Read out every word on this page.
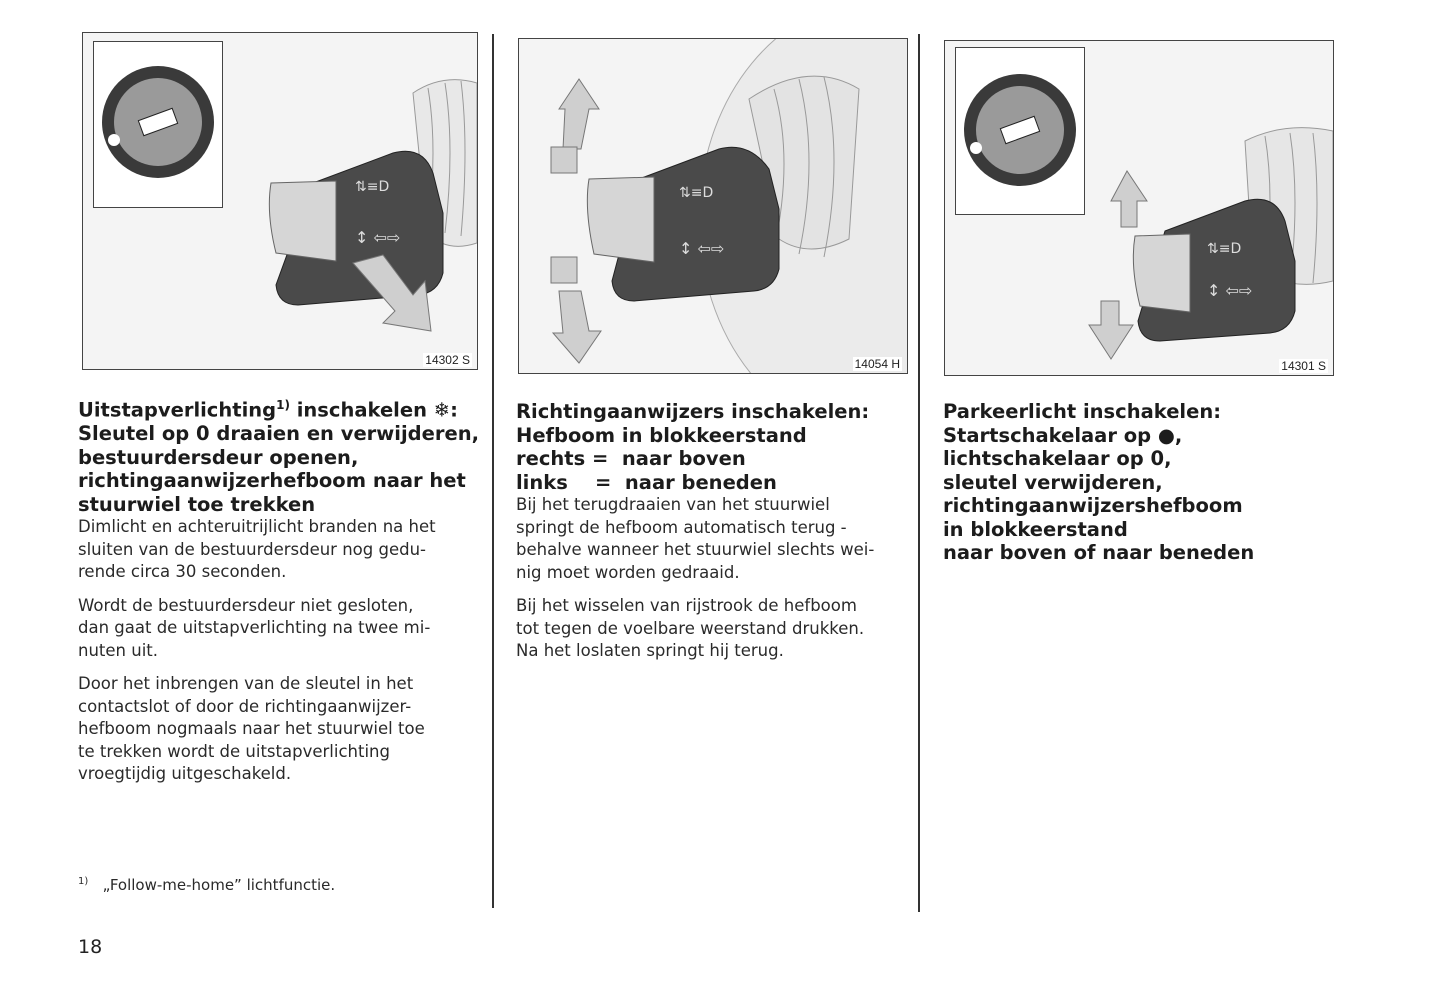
⇅≡D
↕ ⇦⇨
14302 S
⇅≡D
↕ ⇦⇨
14054 H
⇅≡D
↕ ⇦⇨
14301 S
Uitstapverlichting$^{1)}$ inschakelen ❄:
Sleutel op 0 draaien en verwijderen,
bestuurdersdeur openen,
richtingaanwijzerhefboom naar het
stuurwiel toe trekken
Dimlicht en achteruitrijlicht branden na het
sluiten van de bestuurdersdeur nog gedu-
rende circa 30 seconden.
Wordt de bestuurdersdeur niet gesloten,
dan gaat de uitstapverlichting na twee mi-
nuten uit.
Door het inbrengen van de sleutel in het
contactslot of door de richtingaanwijzer-
hefboom nogmaals naar het stuurwiel toe
te trekken wordt de uitstapverlichting
vroegtijdig uitgeschakeld.
Richtingaanwijzers inschakelen:
Hefboom in blokkeerstand
rechts =  naar boven
links    =  naar beneden
Bij het terugdraaien van het stuurwiel
springt de hefboom automatisch terug -
behalve wanneer het stuurwiel slechts wei-
nig moet worden gedraaid.
Bij het wisselen van rijstrook de hefboom
tot tegen de voelbare weerstand drukken.
Na het loslaten springt hij terug.
Parkeerlicht inschakelen:
Startschakelaar op ●,
lichtschakelaar op 0,
sleutel verwijderen,
richtingaanwijzershefboom
in blokkeerstand
naar boven of naar beneden
$^{1)}$ „Follow-me-home” lichtfunctie.
18
